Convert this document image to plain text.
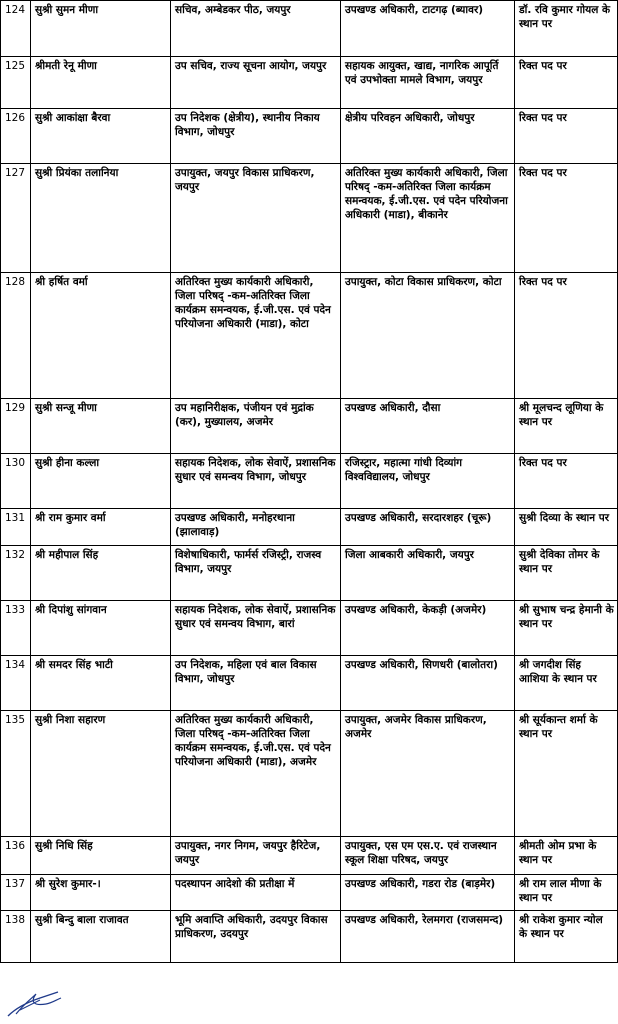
124	सुश्री सुमन मीणा	सचिव, अम्बेडकर पीठ, जयपुर	उपखण्ड अधिकारी, टाटगढ़ (ब्यावर)	डॉ. रवि कुमार गोयल के स्थान पर
125	श्रीमती रेनू मीणा	उप सचिव, राज्य सूचना आयोग, जयपुर	सहायक आयुक्त, खाद्य, नागरिक आपूर्ति एवं उपभोक्ता मामले विभाग, जयपुर	रिक्त पद पर
126	सुश्री आकांक्षा बैरवा	उप निदेशक (क्षेत्रीय), स्थानीय निकाय विभाग, जोधपुर	क्षेत्रीय परिवहन अधिकारी, जोधपुर	रिक्त पद पर
127	सुश्री प्रियंका तलानिया	उपायुक्त, जयपुर विकास प्राधिकरण, जयपुर	अतिरिक्त मुख्य कार्यकारी अधिकारी, जिला परिषद् -कम-अतिरिक्त जिला कार्यक्रम समन्वयक, ई.जी.एस. एवं पदेन परियोजना अधिकारी (माडा), बीकानेर	रिक्त पद पर
128	श्री हर्षित वर्मा	अतिरिक्त मुख्य कार्यकारी अधिकारी, जिला परिषद् -कम-अतिरिक्त जिला कार्यक्रम समन्वयक, ई.जी.एस. एवं पदेन परियोजना अधिकारी (माडा), कोटा	उपायुक्त, कोटा विकास प्राधिकरण, कोटा	रिक्त पद पर
129	सुश्री सन्जू मीणा	उप महानिरीक्षक, पंजीयन एवं मुद्रांक (कर), मुख्यालय, अजमेर	उपखण्ड अधिकारी, दौसा	श्री मूलचन्द लूणिया के स्थान पर
130	सुश्री हीना कल्ला	सहायक निदेशक, लोक सेवाऐं, प्रशासनिक सुधार एवं समन्वय विभाग, जोधपुर	रजिस्ट्रार, महात्मा गांधी दिव्यांग विश्वविद्यालय, जोधपुर	रिक्त पद पर
131	श्री राम कुमार वर्मा	उपखण्ड अधिकारी, मनोहरथाना (झालावाड़)	उपखण्ड अधिकारी, सरदारशहर (चूरू)	सुश्री दिव्या के स्थान पर
132	श्री महीपाल सिंह	विशेषाधिकारी, फार्मर्स रजिस्ट्री, राजस्व विभाग, जयपुर	जिला आबकारी अधिकारी, जयपुर	सुश्री देविका तोमर के स्थान पर
133	श्री दिपांशु सांगवान	सहायक निदेशक, लोक सेवाऐं, प्रशासनिक सुधार एवं समन्वय विभाग, बारां	उपखण्ड अधिकारी, केकड़ी (अजमेर)	श्री सुभाष चन्द्र हेमानी के स्थान पर
134	श्री समदर सिंह भाटी	उप निदेशक, महिला एवं बाल विकास विभाग, जोधपुर	उपखण्ड अधिकारी, सिणधरी (बालोतरा)	श्री जगदीश सिंह आशिया के स्थान पर
135	सुश्री निशा सहारण	अतिरिक्त मुख्य कार्यकारी अधिकारी, जिला परिषद् -कम-अतिरिक्त जिला कार्यक्रम समन्वयक, ई.जी.एस. एवं पदेन परियोजना अधिकारी (माडा), अजमेर	उपायुक्त, अजमेर विकास प्राधिकरण, अजमेर	श्री सूर्यकान्त शर्मा के स्थान पर
136	सुश्री निधि सिंह	उपायुक्त, नगर निगम, जयपुर हैरिटेज, जयपुर	उपायुक्त, एस एम एस.ए. एवं राजस्थान स्कूल शिक्षा परिषद, जयपुर	श्रीमती ओम प्रभा के स्थान पर
137	श्री सुरेश कुमार-।	पदस्थापन आदेशो की प्रतीक्षा में	उपखण्ड अधिकारी, गडरा रोड (बाड़मेर)	श्री राम लाल मीणा के स्थान पर
138	सुश्री बिन्दु बाला राजावत	भूमि अवाप्ति अधिकारी, उदयपुर विकास प्राधिकरण, उदयपुर	उपखण्ड अधिकारी, रेलमगरा (राजसमन्द)	श्री राकेश कुमार न्योल के स्थान पर
